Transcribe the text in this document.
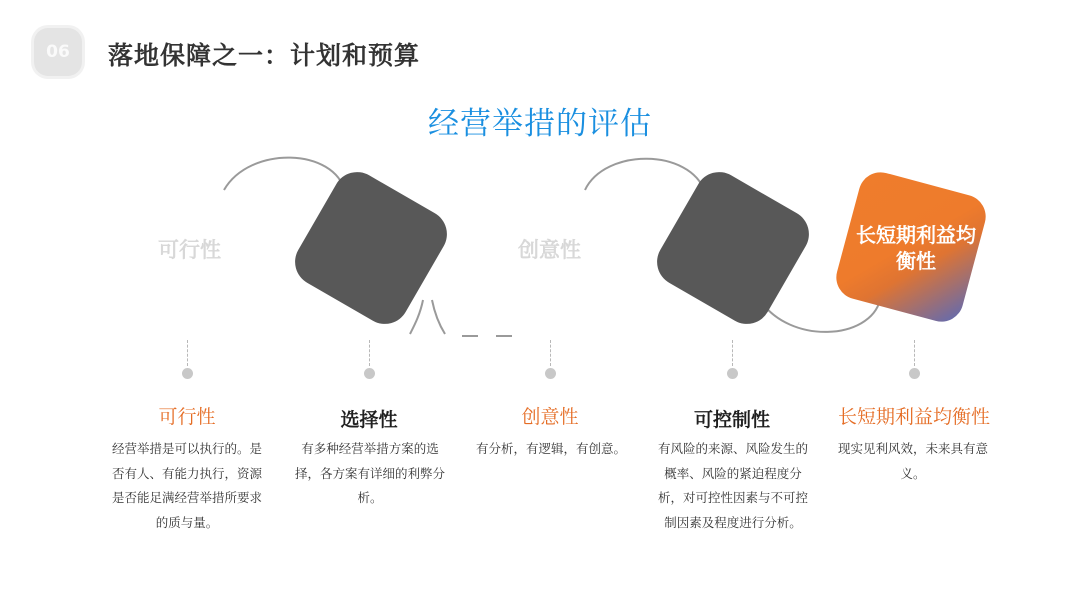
06 落地保障之一：计划和预算
经营举措的评估
可行性	创意性
长短期利益均衡性
可行性	选择性	创意性	可控制性	长短期利益均衡性
经营举措是可以执行的。是否有人、有能力执行，资源是否能足满经营举措所要求的质与量。
有多种经营举措方案的选择，各方案有详细的利弊分析。
有分析，有逻辑，有创意。	有风险的来源、风险发生的概率、风险的紧迫程度分析，对可控性因素与不可控制因素及程度进行分析。
现实见利风效，未来具有意义。
